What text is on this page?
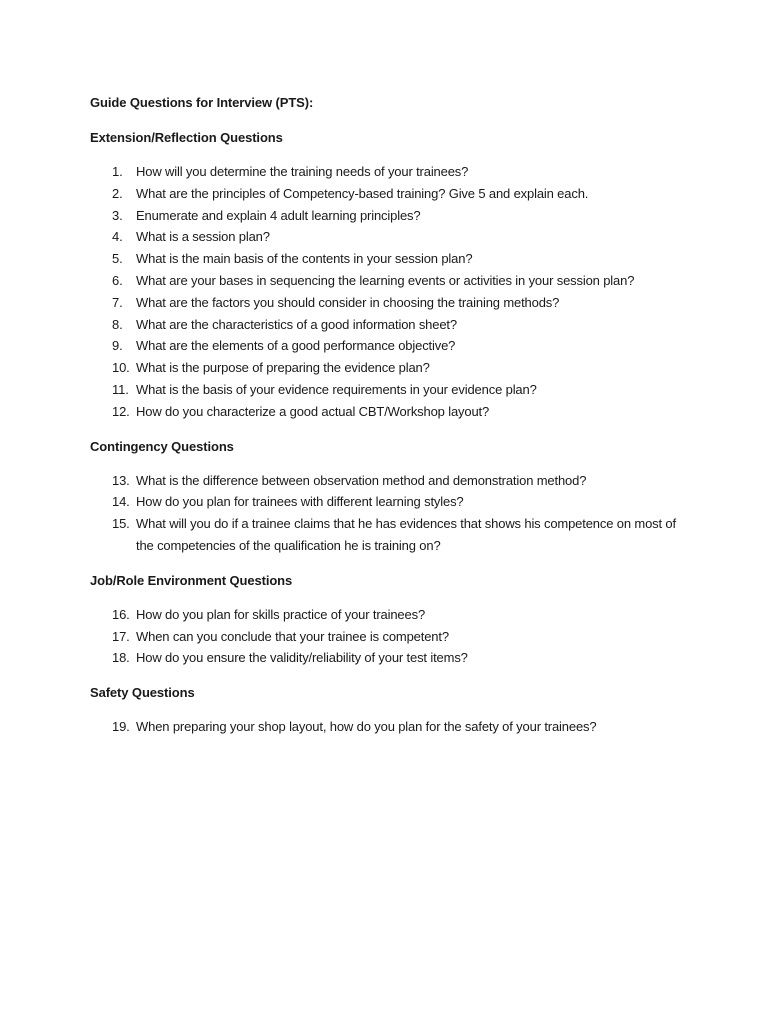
Guide Questions for Interview (PTS):
Extension/Reflection Questions
1.	How will you determine the training needs of your trainees?
2.	What are the principles of Competency-based training? Give 5 and explain each.
3.	Enumerate and explain 4 adult learning principles?
4.	What is a session plan?
5.	What is the main basis of the contents in your session plan?
6.	What are your bases in sequencing the learning events or activities in your session plan?
7.	What are the factors you should consider in choosing the training methods?
8.	What are the characteristics of a good information sheet?
9.	What are the elements of a good performance objective?
10. What is the purpose of preparing the evidence plan?
11. What is the basis of your evidence requirements in your evidence plan?
12. How do you characterize a good actual CBT/Workshop layout?
Contingency Questions
13. What is the difference between observation method and demonstration method?
14. How do you plan for trainees with different learning styles?
15. What will you do if a trainee claims that he has evidences that shows his competence on most of the competencies of the qualification he is training on?
Job/Role Environment Questions
16. How do you plan for skills practice of your trainees?
17. When can you conclude that your trainee is competent?
18. How do you ensure the validity/reliability of your test items?
Safety Questions
19. When preparing your shop layout, how do you plan for the safety of your trainees?
